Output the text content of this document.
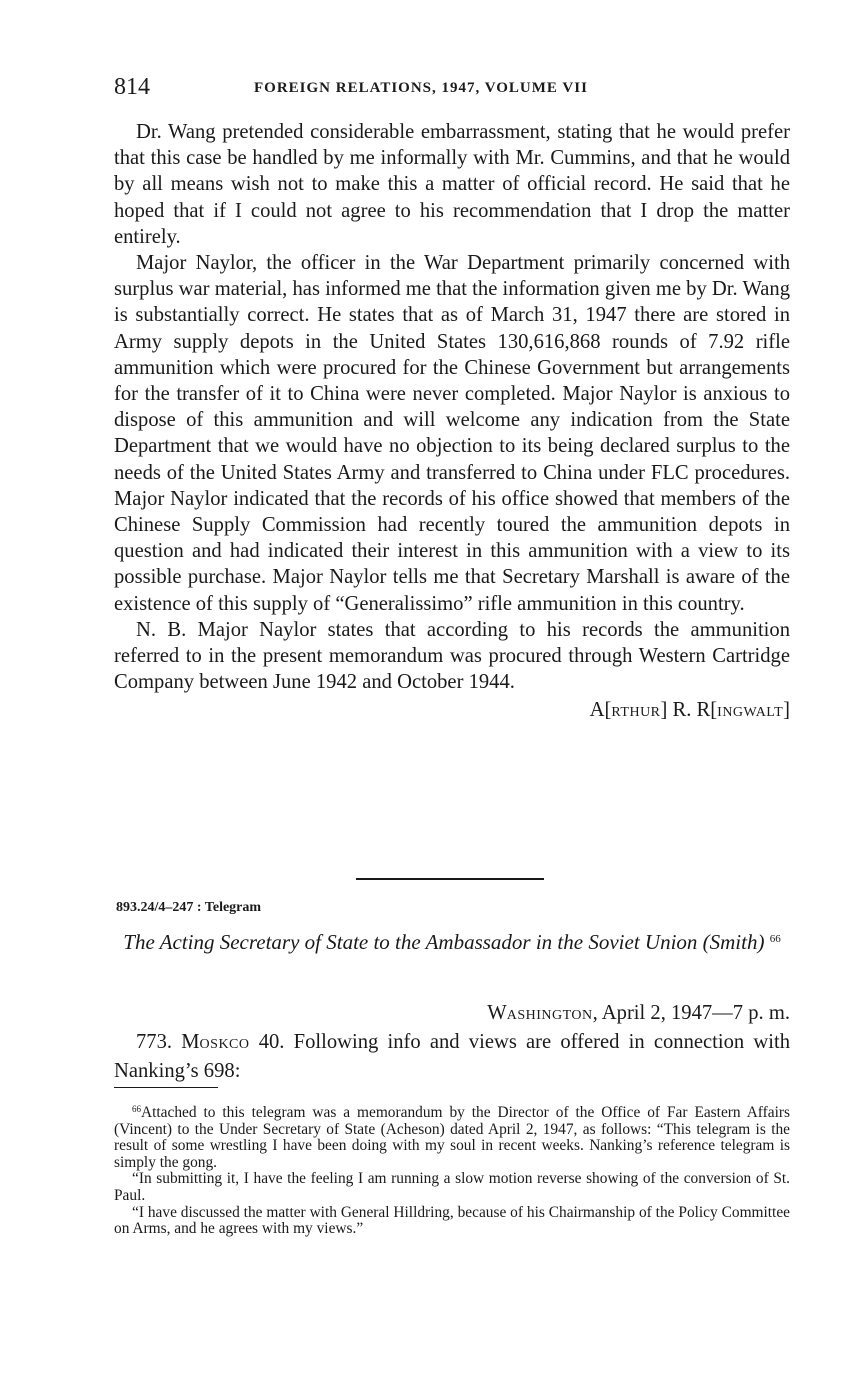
814	FOREIGN RELATIONS, 1947, VOLUME VII

Dr. Wang pretended considerable embarrassment, stating that he would prefer that this case be handled by me informally with Mr. Cummins, and that he would by all means wish not to make this a matter of official record. He said that he hoped that if I could not agree to his recommendation that I drop the matter entirely.

Major Naylor, the officer in the War Department primarily concerned with surplus war material, has informed me that the information given me by Dr. Wang is substantially correct. He states that as of March 31, 1947 there are stored in Army supply depots in the United States 130,616,868 rounds of 7.92 rifle ammunition which were procured for the Chinese Government but arrangements for the transfer of it to China were never completed. Major Naylor is anxious to dispose of this ammunition and will welcome any indication from the State Department that we would have no objection to its being declared surplus to the needs of the United States Army and transferred to China under FLC procedures. Major Naylor indicated that the records of his office showed that members of the Chinese Supply Commission had recently toured the ammunition depots in question and had indicated their interest in this ammunition with a view to its possible purchase. Major Naylor tells me that Secretary Marshall is aware of the existence of this supply of “Generalissimo” rifle ammunition in this country.

N. B. Major Naylor states that according to his records the ammunition referred to in the present memorandum was procured through Western Cartridge Company between June 1942 and October 1944.

A[RTHUR] R. R[INGWALT]

893.24/4–247 : Telegram
The Acting Secretary of State to the Ambassador in the Soviet Union (Smith) $^{66}$
WASHINGTON, April 2, 1947—7 p. m.

773. MOSKCO 40. Following info and views are offered in connection with Nanking’s 698:

$^{66}$Attached to this telegram was a memorandum by the Director of the Office of Far Eastern Affairs (Vincent) to the Under Secretary of State (Acheson) dated April 2, 1947, as follows: “This telegram is the result of some wrestling I have been doing with my soul in recent weeks. Nanking’s reference telegram is simply the gong.

“In submitting it, I have the feeling I am running a slow motion reverse showing of the conversion of St. Paul.

“I have discussed the matter with General Hilldring, because of his Chairmanship of the Policy Committee on Arms, and he agrees with my views.”
